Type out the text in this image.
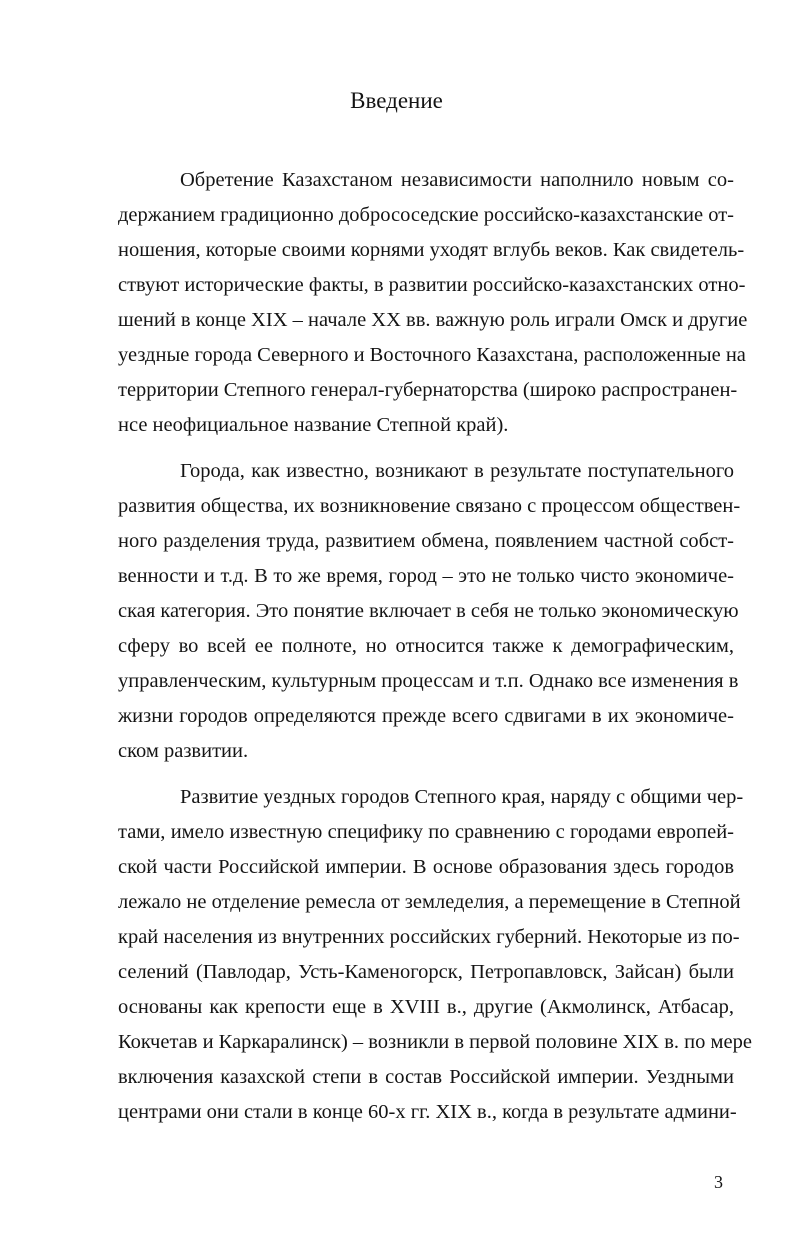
Введение
Обретение Казахстаном независимости наполнило новым со-
держанием градиционно добрососедские российско-казахстанские от-
ношения, которые своими корнями уходят вглубь веков. Как свидетель-
ствуют исторические факты, в развитии российско-казахстанских отно-
шений в конце XIX – начале XX вв. важную роль играли Омск и другие
уездные города Северного и Восточного Казахстана, расположенные на
территории Степного генерал-губернаторства (широко распространен-
нсе неофициальное название Степной край).
Города, как известно, возникают в результате поступательного
развития общества, их возникновение связано с процессом обществен-
ного разделения труда, развитием обмена, появлением частной собст-
венности и т.д. В то же время, город – это не только чисто экономиче-
ская категория. Это понятие включает в себя не только экономическую
сферу во всей ее полноте, но относится также к демографическим,
управленческим, культурным процессам и т.п. Однако все изменения в
жизни городов определяются прежде всего сдвигами в их экономиче-
ском развитии.
Развитие уездных городов Степного края, наряду с общими чер-
тами, имело известную специфику по сравнению с городами европей-
ской части Российской империи. В основе образования здесь городов
лежало не отделение ремесла от земледелия, а перемещение в Степной
край населения из внутренних российских губерний. Некоторые из по-
селений (Павлодар, Усть-Каменогорск, Петропавловск, Зайсан) были
основаны как крепости еще в XVIII в., другие (Акмолинск, Атбасар,
Кокчетав и Каркаралинск) – возникли в первой половине XIX в. по мере
включения казахской степи в состав Российской империи. Уездными
центрами они стали в конце 60-х гг. XIX в., когда в результате админи-
3
